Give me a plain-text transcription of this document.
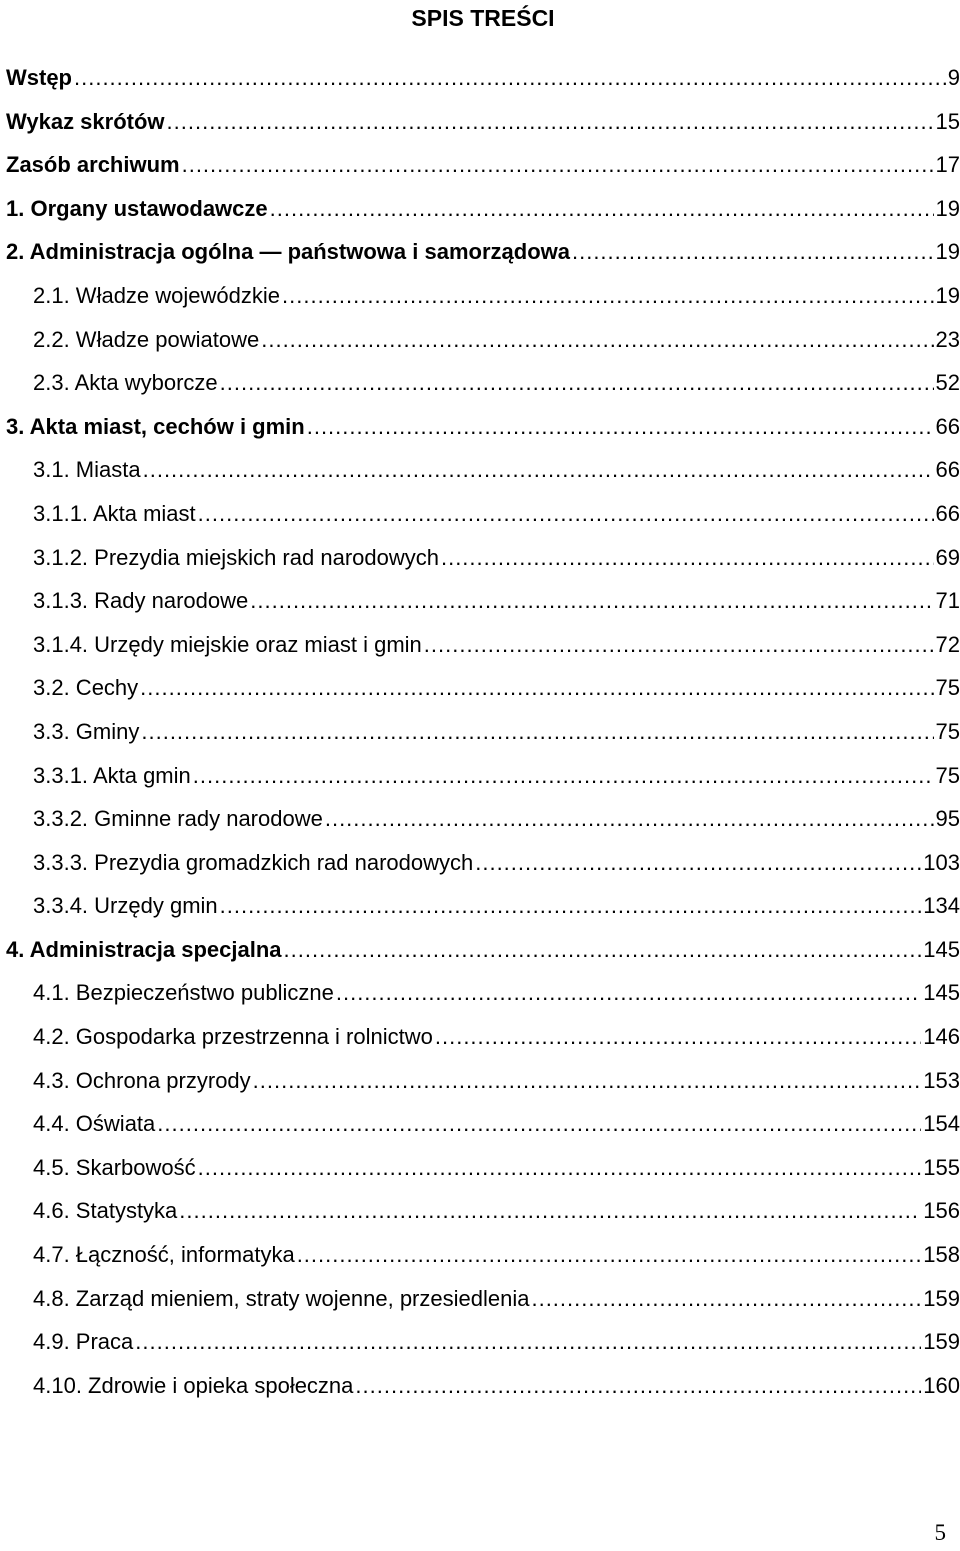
SPIS TREŚCI
Wstęp .....	9
Wykaz skrótów .....	15
Zasób archiwum .....	17
1. Organy ustawodawcze .....	19
2. Administracja ogólna — państwowa i samorządowa .....	19
2.1. Władze wojewódzkie .....	19
2.2. Władze powiatowe .....	23
2.3. Akta wyborcze .....	52
3. Akta miast, cechów i gmin .....	66
3.1. Miasta .....	66
3.1.1. Akta miast .....	66
3.1.2. Prezydia miejskich rad narodowych .....	69
3.1.3. Rady narodowe .....	71
3.1.4. Urzędy miejskie oraz miast i gmin .....	72
3.2. Cechy .....	75
3.3. Gminy .....	75
3.3.1. Akta gmin .....	75
3.3.2. Gminne rady narodowe .....	95
3.3.3. Prezydia gromadzkich rad narodowych .....	103
3.3.4. Urzędy gmin .....	134
4. Administracja specjalna .....	145
4.1. Bezpieczeństwo publiczne .....	145
4.2. Gospodarka przestrzenna i rolnictwo .....	146
4.3. Ochrona przyrody .....	153
4.4. Oświata .....	154
4.5. Skarbowość .....	155
4.6. Statystyka .....	156
4.7. Łączność, informatyka .....	158
4.8. Zarząd mieniem, straty wojenne, przesiedlenia .....	159
4.9. Praca .....	159
4.10. Zdrowie i opieka społeczna .....	160
5
